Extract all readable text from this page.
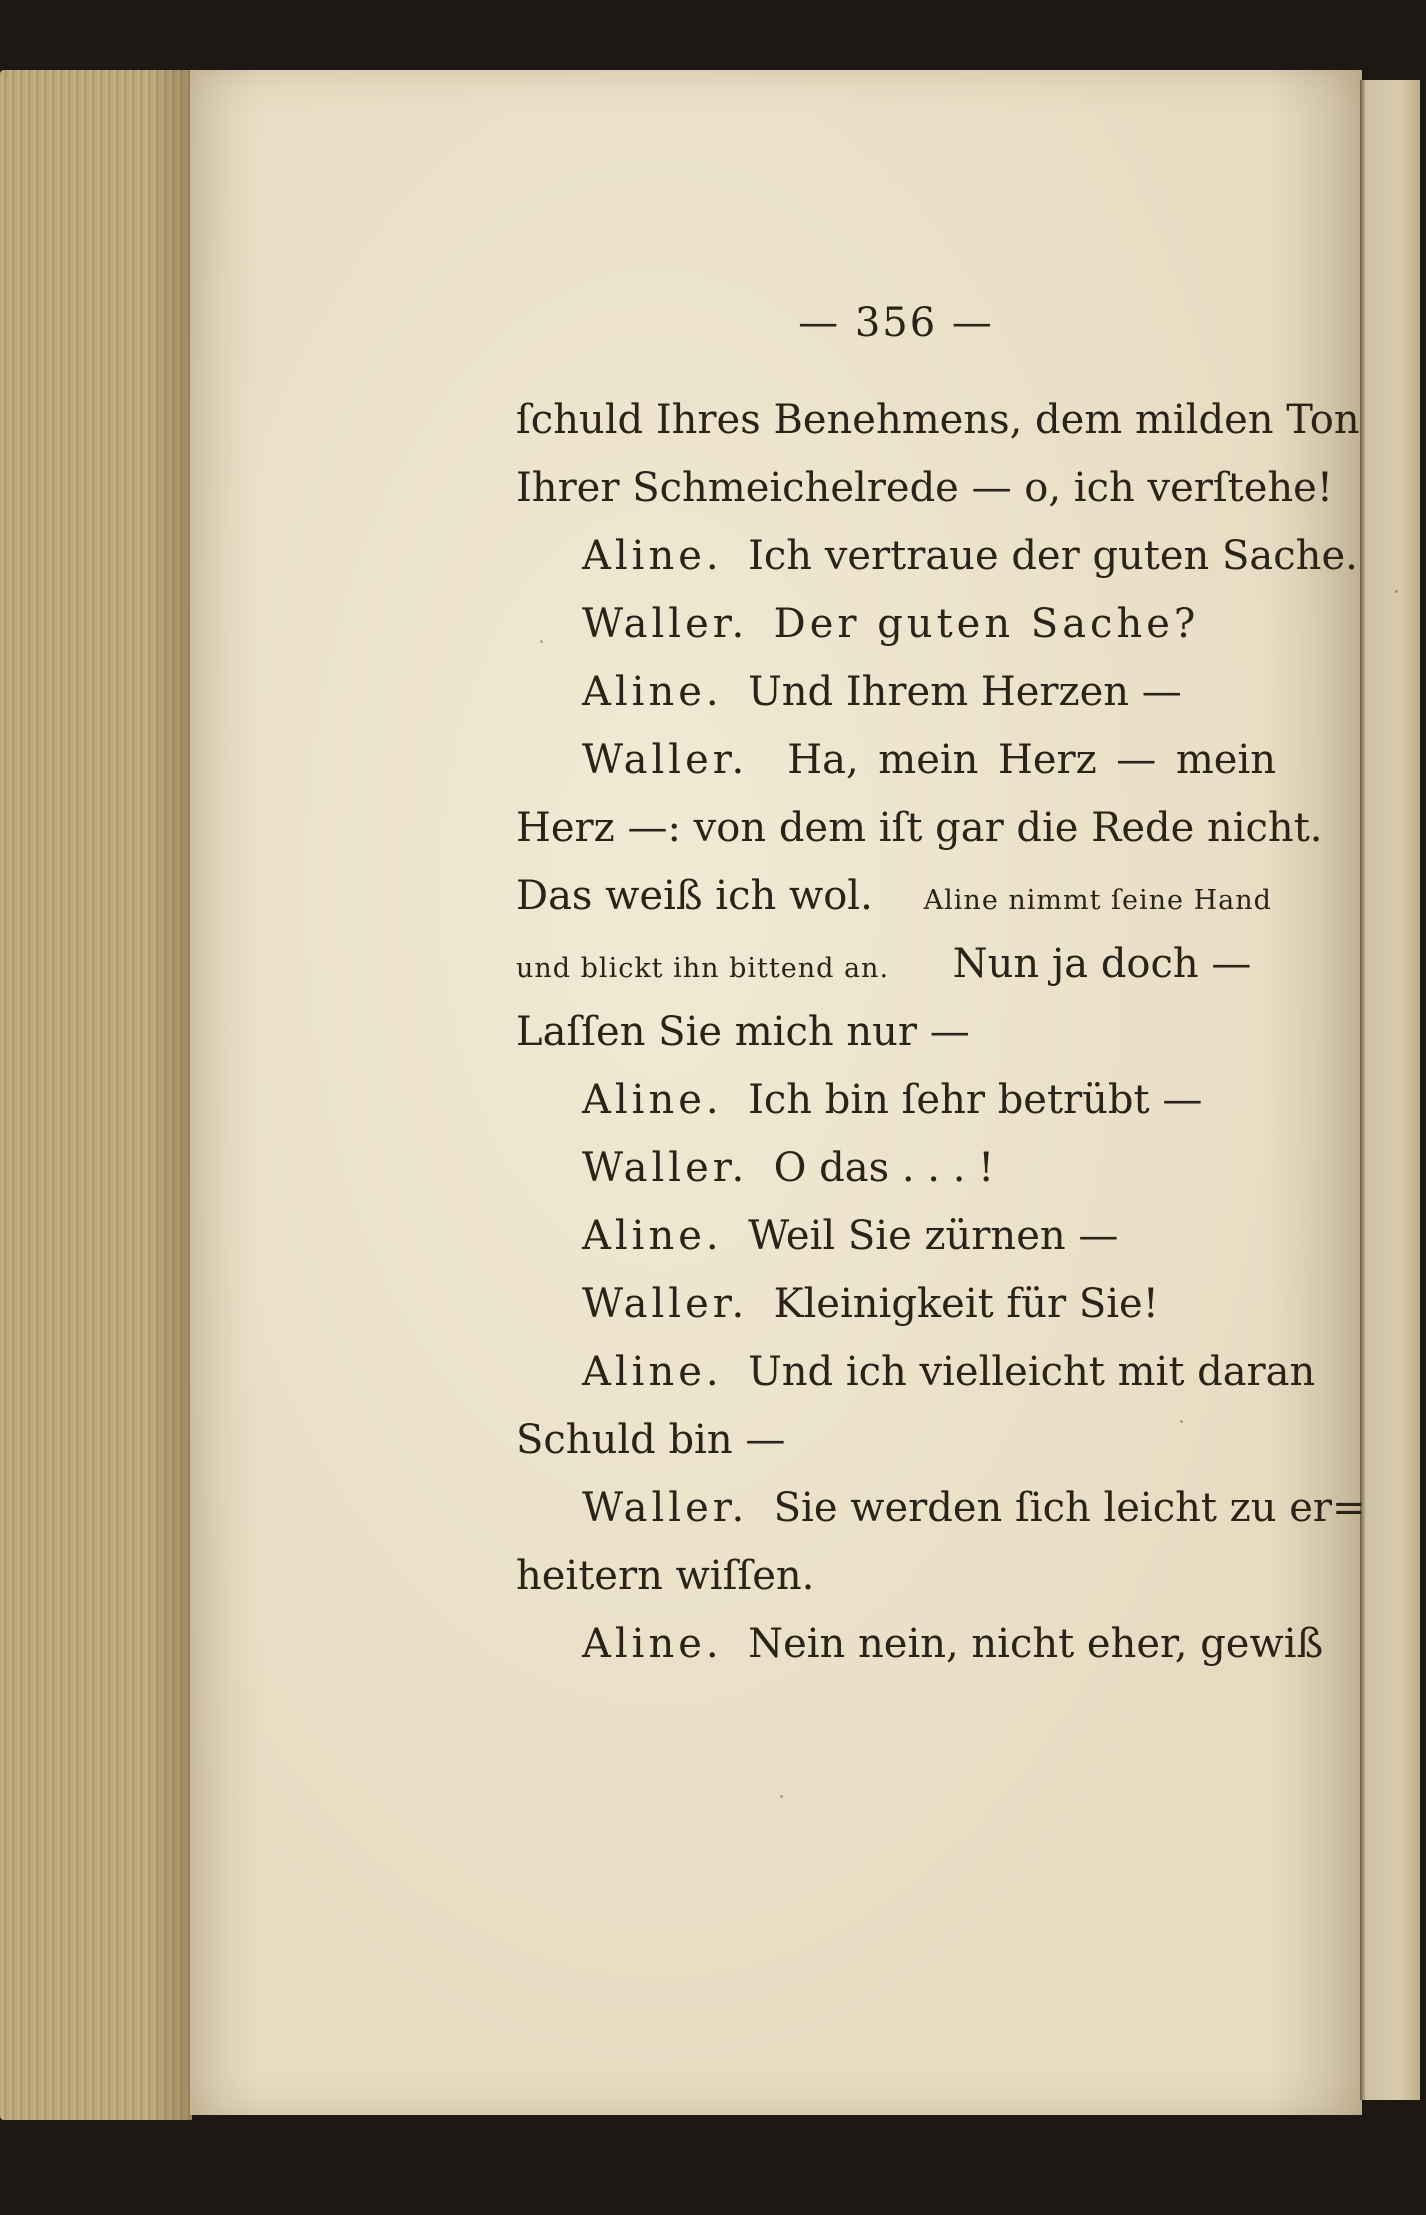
— 356 —
ſchuld Ihres Benehmens, dem milden Ton
Ihrer Schmeichelrede — o, ich verſtehe!
Aline. Ich vertraue der guten Sache.
Waller. Der guten Sache?
Aline. Und Ihrem Herzen —
Waller. Ha, mein Herz — mein
Herz —: von dem iſt gar die Rede nicht.
Das weiß ich wol. Aline nimmt ſeine Hand
und blickt ihn bittend an. Nun ja doch —
Laſſen Sie mich nur —
Aline. Ich bin ſehr betrübt —
Waller. O das . . . !
Aline. Weil Sie zürnen —
Waller. Kleinigkeit für Sie!
Aline. Und ich vielleicht mit daran
Schuld bin —
Waller. Sie werden ſich leicht zu er=
heitern wiſſen.
Aline. Nein nein, nicht eher, gewiß
